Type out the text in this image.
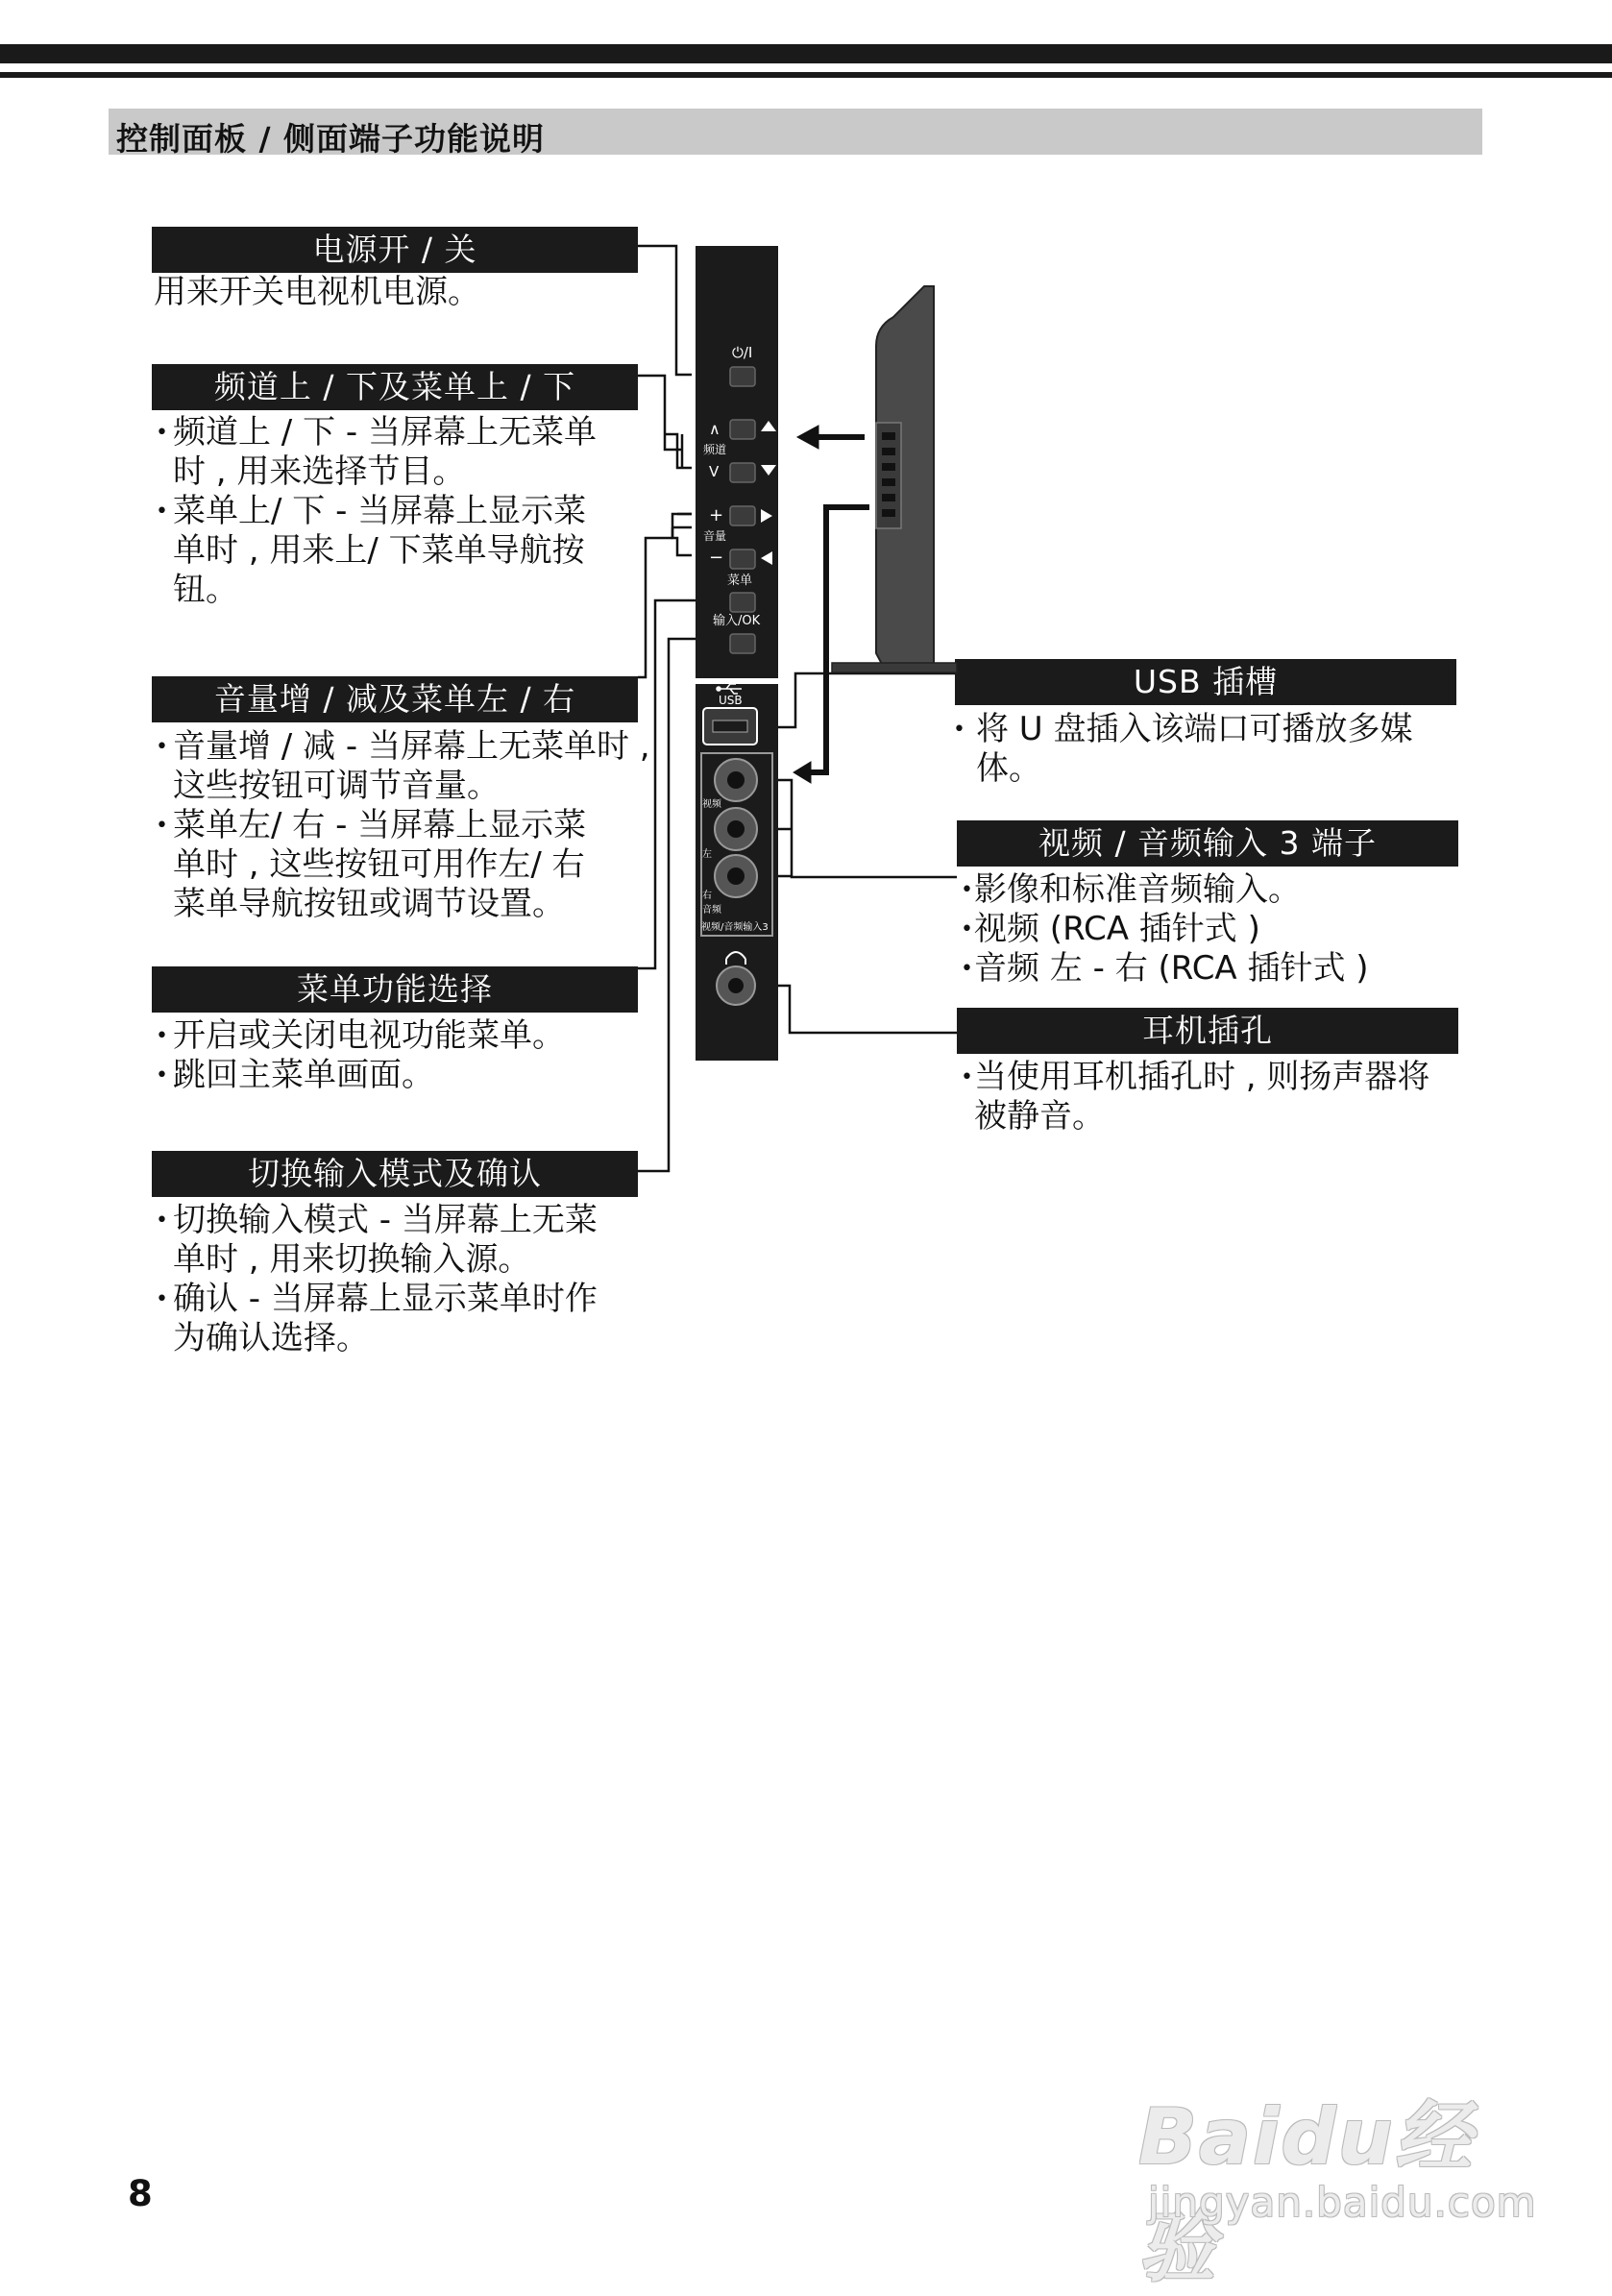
控制面板 / 侧面端子功能说明
电源开 / 关
用来开关电视机电源。
频道上 / 下及菜单上 / 下
• 频道上 / 下 - 当屏幕上无菜单
时 , 用来选择节目。
• 菜单上/ 下 - 当屏幕上显示菜
单时 , 用来上/ 下菜单导航按
钮。
音量增 / 减及菜单左 / 右
• 音量增 / 减 - 当屏幕上无菜单时 ,
这些按钮可调节音量。
• 菜单左/ 右 - 当屏幕上显示菜
单时 , 这些按钮可用作左/ 右
菜单导航按钮或调节设置。
菜单功能选择
• 开启或关闭电视功能菜单。
• 跳回主菜单画面。
切换输入模式及确认
• 切换输入模式 - 当屏幕上无菜
单时 , 用来切换输入源。
• 确认 - 当屏幕上显示菜单时作
为确认选择。
USB 插槽
• 将 U 盘插入该端口可播放多媒
体。
视频 / 音频输入 3 端子
• 影像和标准音频输入。
• 视频 (RCA 插针式 )
• 音频 左 - 右 (RCA 插针式 )
耳机插孔
• 当使用耳机插孔时 , 则扬声器将
被静音。
⏻/I
∧
频道
V
+
音量
−
菜单
输入/OK
USB
视频
左
右
音频
视频/音频输入3
8
Baidu经验
jingyan.baidu.com
